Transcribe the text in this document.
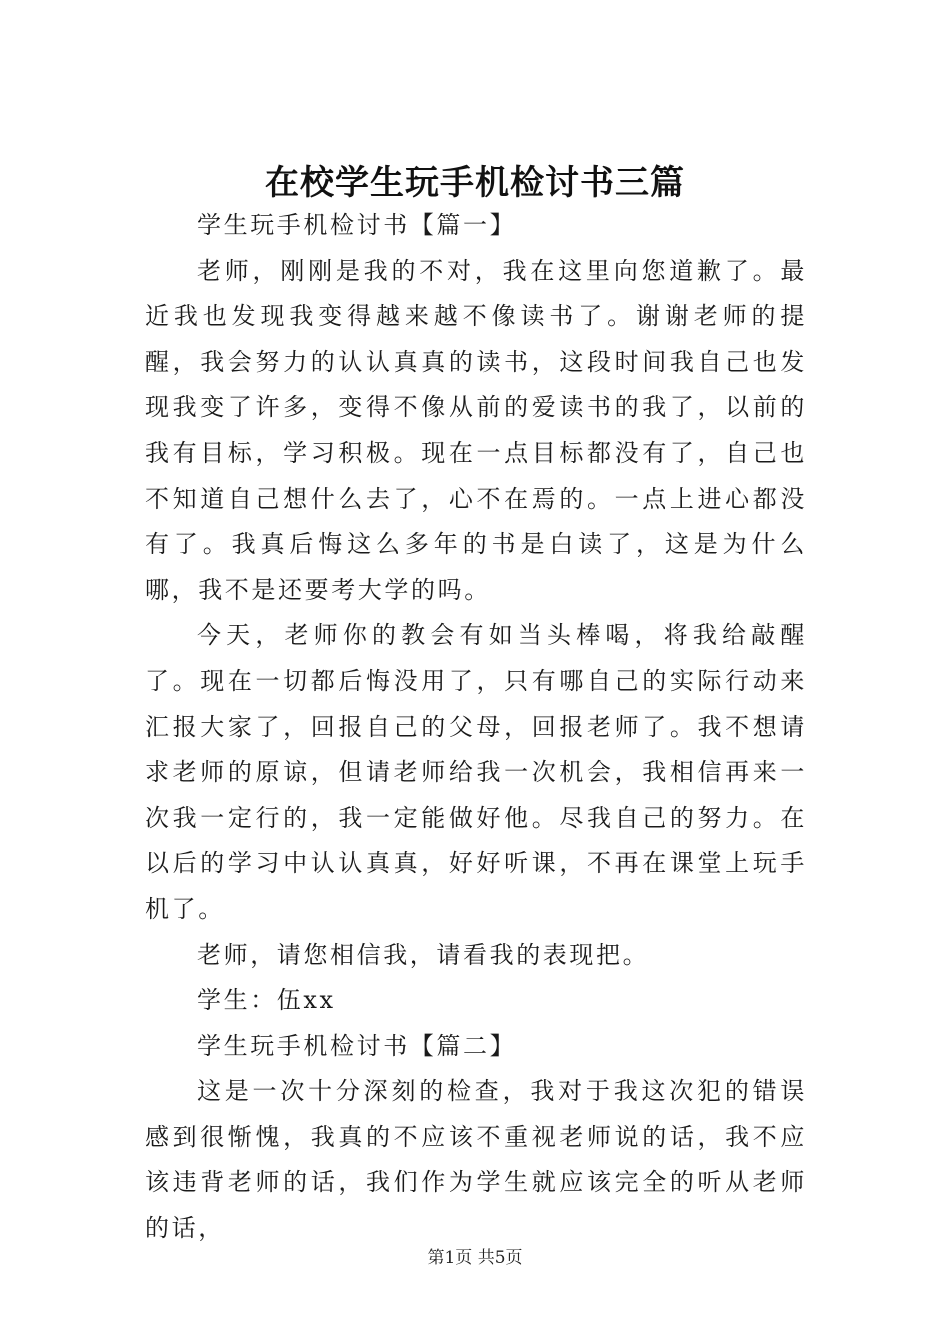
在校学生玩手机检讨书三篇

学生玩手机检讨书【篇一】

老师，刚刚是我的不对，我在这里向您道歉了。最近我也发现我变得越来越不像读书了。谢谢老师的提醒，我会努力的认认真真的读书，这段时间我自己也发现我变了许多，变得不像从前的爱读书的我了，以前的我有目标，学习积极。现在一点目标都没有了，自己也不知道自己想什么去了，心不在焉的。一点上进心都没有了。我真后悔这么多年的书是白读了，这是为什么哪，我不是还要考大学的吗。

今天，老师你的教会有如当头棒喝，将我给敲醒了。现在一切都后悔没用了，只有哪自己的实际行动来汇报大家了，回报自己的父母，回报老师了。我不想请求老师的原谅，但请老师给我一次机会，我相信再来一次我一定行的，我一定能做好他。尽我自己的努力。在以后的学习中认认真真，好好听课，不再在课堂上玩手机了。

老师，请您相信我，请看我的表现把。

学生：伍xx

学生玩手机检讨书【篇二】

这是一次十分深刻的检查，我对于我这次犯的错误感到很惭愧，我真的不应该不重视老师说的话，我不应该违背老师的话，我们作为学生就应该完全的听从老师的话，

第1页 共5页
